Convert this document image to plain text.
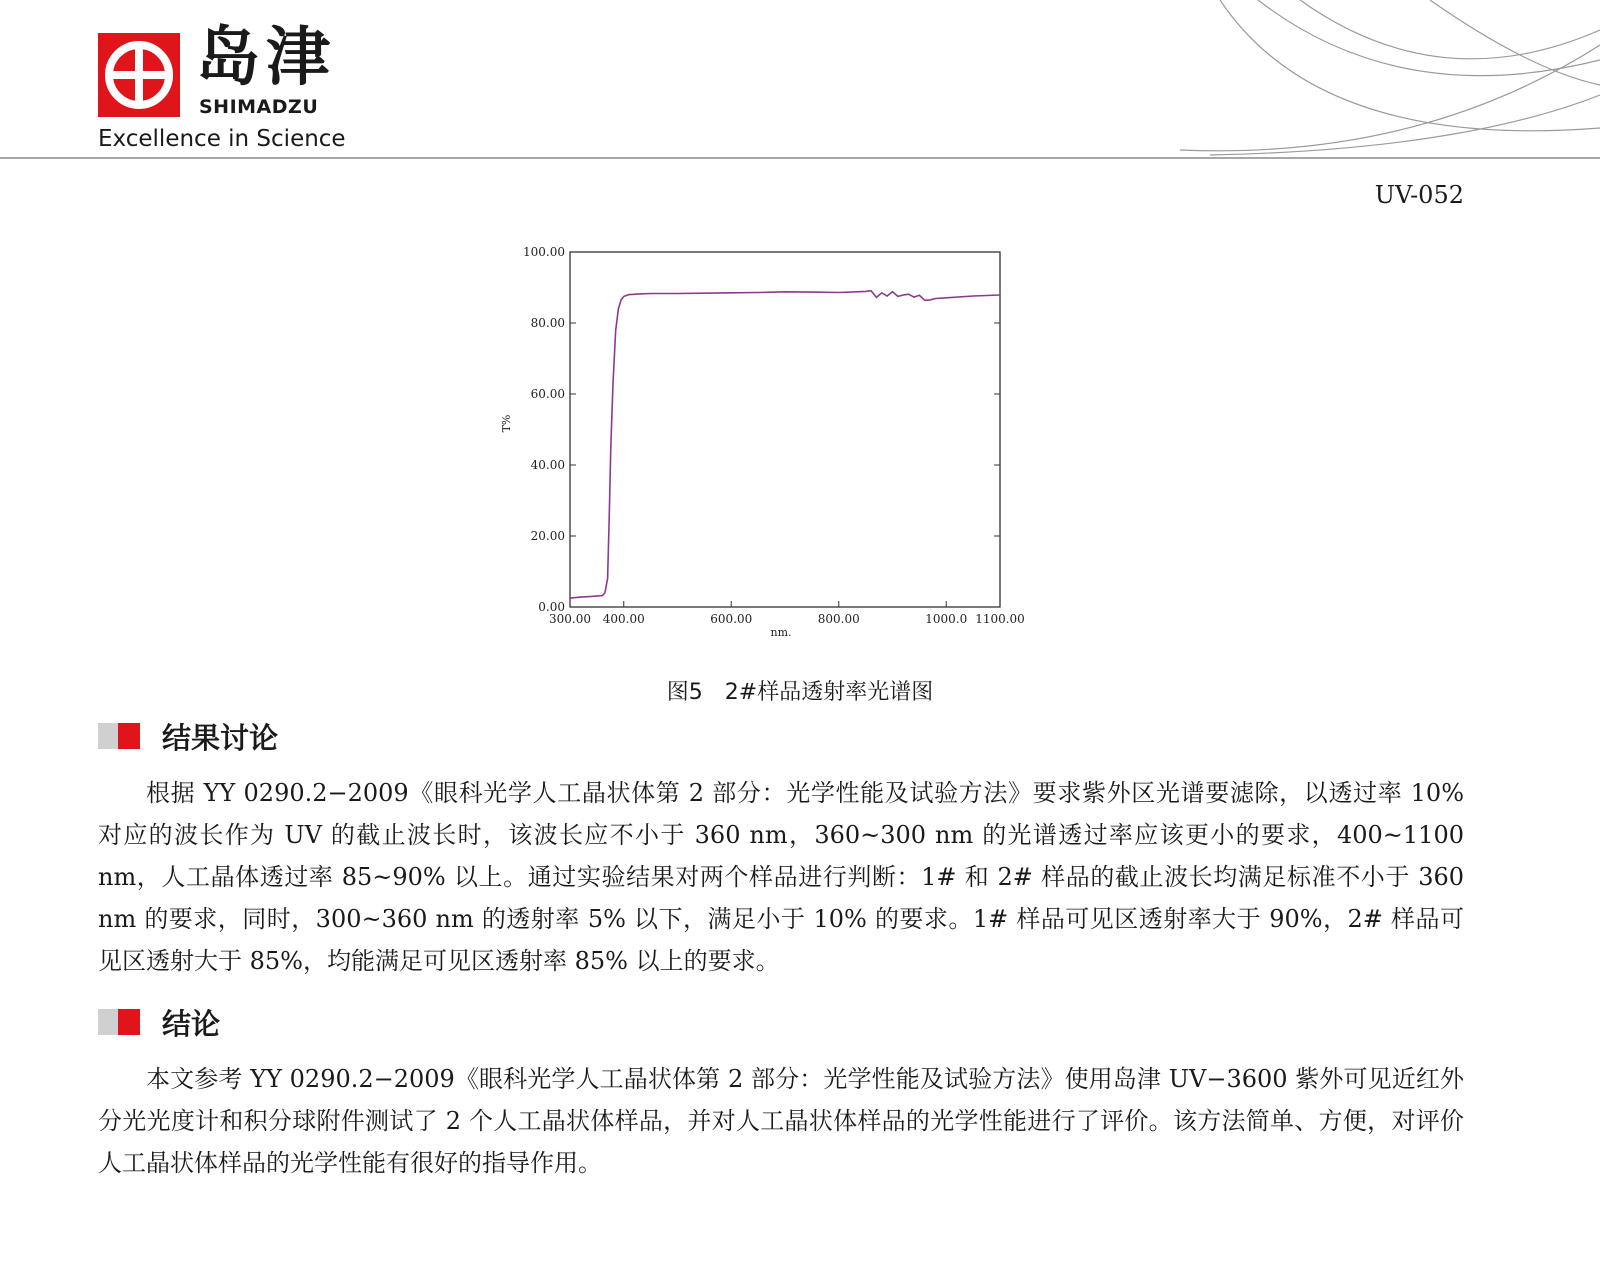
岛津
SHIMADZU
Excellence in Science
UV-052
0.00
20.00
40.00
60.00
80.00
100.00
300.00 400.00	600.00	800.00	1000.0 1100.00
nm.
T%
图5 2#样品透射率光谱图
结果讨论

根据 YY 0290.2−2009《眼科光学人工晶状体第 2 部分：光学性能及试验方法》要求紫外区光谱要滤除，以透过率 10% 对应的波长作为 UV 的截止波长时，该波长应不小于 360 nm，360~300 nm 的光谱透过率应该更小的要求，400~1100 nm，人工晶体透过率 85~90% 以上。通过实验结果对两个样品进行判断：1# 和 2# 样品的截止波长均满足标准不小于 360 nm 的要求，同时，300~360 nm 的透射率 5% 以下，满足小于 10% 的要求。1# 样品可见区透射率大于 90%，2# 样品可见区透射大于 85%，均能满足可见区透射率 85% 以上的要求。

结论

本文参考 YY 0290.2−2009《眼科光学人工晶状体第 2 部分：光学性能及试验方法》使用岛津 UV−3600 紫外可见近红外分光光度计和积分球附件测试了 2 个人工晶状体样品，并对人工晶状体样品的光学性能进行了评价。该方法简单、方便，对评价人工晶状体样品的光学性能有很好的指导作用。
